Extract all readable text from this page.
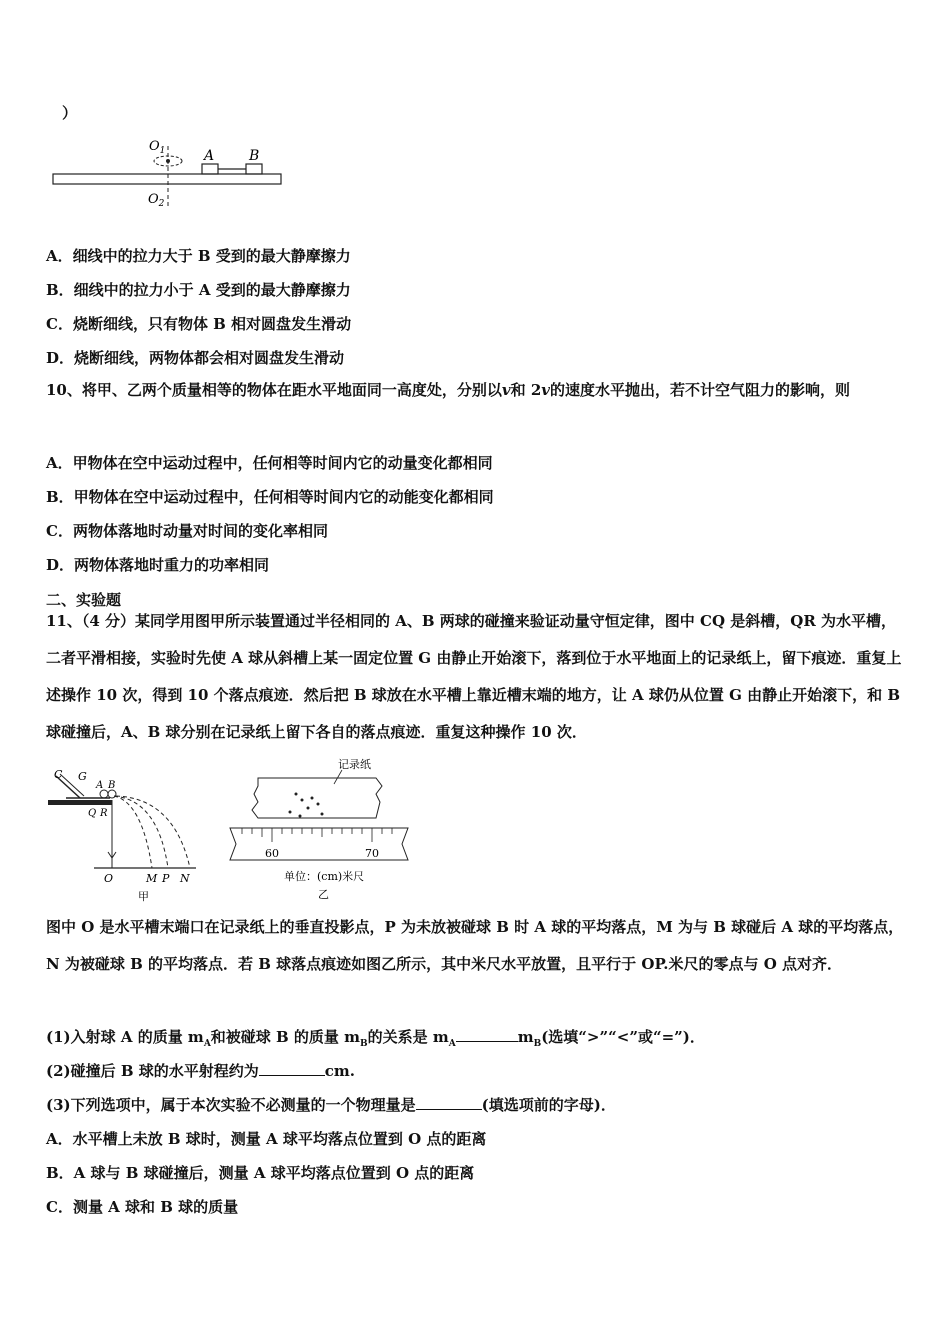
）
$O_1$
$O_2$
A B
A．细线中的拉力大于 B 受到的最大静摩擦力
B．细线中的拉力小于 A 受到的最大静摩擦力
C．烧断细线，只有物体 B 相对圆盘发生滑动
D．烧断细线，两物体都会相对圆盘发生滑动
10、将甲、乙两个质量相等的物体在距水平地面同一高度处，分别以v和 2v的速度水平抛出，若不计空气阻力的影响，则
A．甲物体在空中运动过程中，任何相等时间内它的动量变化都相同
B．甲物体在空中运动过程中，任何相等时间内它的动能变化都相同
C．两物体落地时动量对时间的变化率相同
D．两物体落地时重力的功率相同
二、实验题
11、（4 分）某同学用图甲所示装置通过半径相同的 A、B 两球的碰撞来验证动量守恒定律，图中 CQ 是斜槽，QR 为水平槽，二者平滑相接，实验时先使 A 球从斜槽上某一固定位置 G 由静止开始滚下，落到位于水平地面上的记录纸上，留下痕迹．重复上述操作 10 次，得到 10 个落点痕迹．然后把 B 球放在水平槽上靠近槽末端的地方，让 A 球仍从位置 G 由静止开始滚下，和 B 球碰撞后，A、B 球分别在记录纸上留下各自的落点痕迹．重复这种操作 10 次．
C G
A B
Q R
O	M P N
甲
记录纸
60	70
单位：(cm)米尺
乙
图中 O 是水平槽末端口在记录纸上的垂直投影点，P 为未放被碰球 B 时 A 球的平均落点，M 为与 B 球碰后 A 球的平均落点，N 为被碰球 B 的平均落点．若 B 球落点痕迹如图乙所示，其中米尺水平放置，且平行于 OP.米尺的零点与 O 点对齐．
(1)入射球 A 的质量 $m_A$和被碰球 B 的质量 $m_B$的关系是 $m_A$	$m_B$(选填“>”“<”或“=”)．
(2)碰撞后 B 球的水平射程约为	cm.
(3)下列选项中，属于本次实验不必测量的一个物理量是	(填选项前的字母)．
A．水平槽上未放 B 球时，测量 A 球平均落点位置到 O 点的距离
B．A 球与 B 球碰撞后，测量 A 球平均落点位置到 O 点的距离
C．测量 A 球和 B 球的质量
